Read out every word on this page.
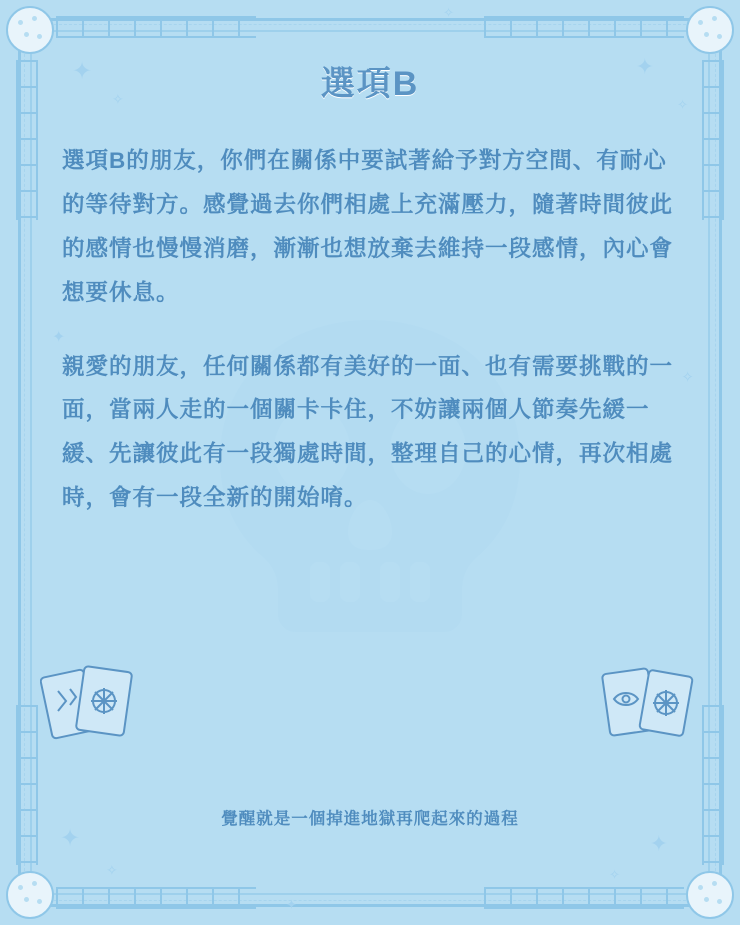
✦
✧
✦
✧
✦
✧
✦
✧
✦
✧
✦
✧
選項B

選項B的朋友，你們在關係中要試著給予對方空間、有耐心的等待對方。感覺過去你們相處上充滿壓力，隨著時間彼此的感情也慢慢消磨，漸漸也想放棄去維持一段感情，內心會想要休息。

親愛的朋友，任何關係都有美好的一面、也有需要挑戰的一面，當兩人走的一個關卡卡住，不妨讓兩個人節奏先緩一緩、先讓彼此有一段獨處時間，整理自己的心情，再次相處時，會有一段全新的開始唷。

覺醒就是一個掉進地獄再爬起來的過程
